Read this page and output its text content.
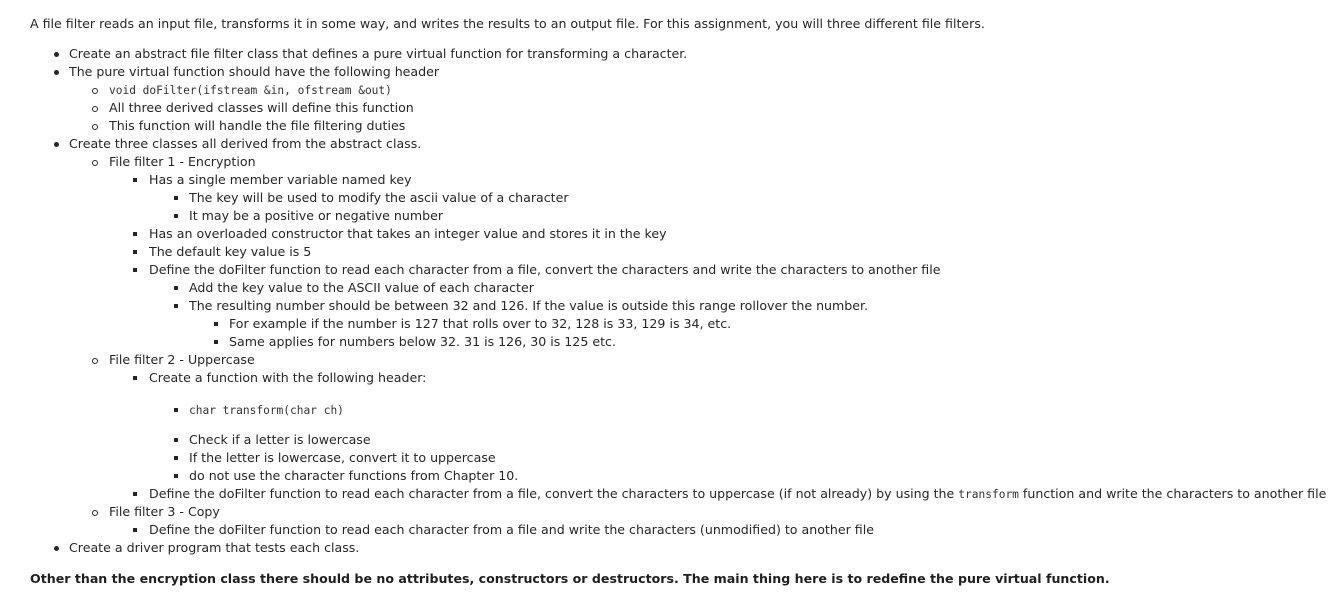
A file filter reads an input file, transforms it in some way, and writes the results to an output file. For this assignment, you will three different file filters.
Create an abstract file filter class that defines a pure virtual function for transforming a character.
The pure virtual function should have the following header
void doFilter(ifstream &in, ofstream &out)
All three derived classes will define this function
This function will handle the file filtering duties
Create three classes all derived from the abstract class.
File filter 1 - Encryption
Has a single member variable named key
The key will be used to modify the ascii value of a character
It may be a positive or negative number
Has an overloaded constructor that takes an integer value and stores it in the key
The default key value is 5
Define the doFilter function to read each character from a file, convert the characters and write the characters to another file
Add the key value to the ASCII value of each character
The resulting number should be between 32 and 126. If the value is outside this range rollover the number.
For example if the number is 127 that rolls over to 32, 128 is 33, 129 is 34, etc.
Same applies for numbers below 32. 31 is 126, 30 is 125 etc.
File filter 2 - Uppercase
Create a function with the following header:
char transform(char ch)
Check if a letter is lowercase
If the letter is lowercase, convert it to uppercase
do not use the character functions from Chapter 10.
Define the doFilter function to read each character from a file, convert the characters to uppercase (if not already) by using the transform function and write the characters to another file
File filter 3 - Copy
Define the doFilter function to read each character from a file and write the characters (unmodified) to another file
Create a driver program that tests each class.
Other than the encryption class there should be no attributes, constructors or destructors. The main thing here is to redefine the pure virtual function.
